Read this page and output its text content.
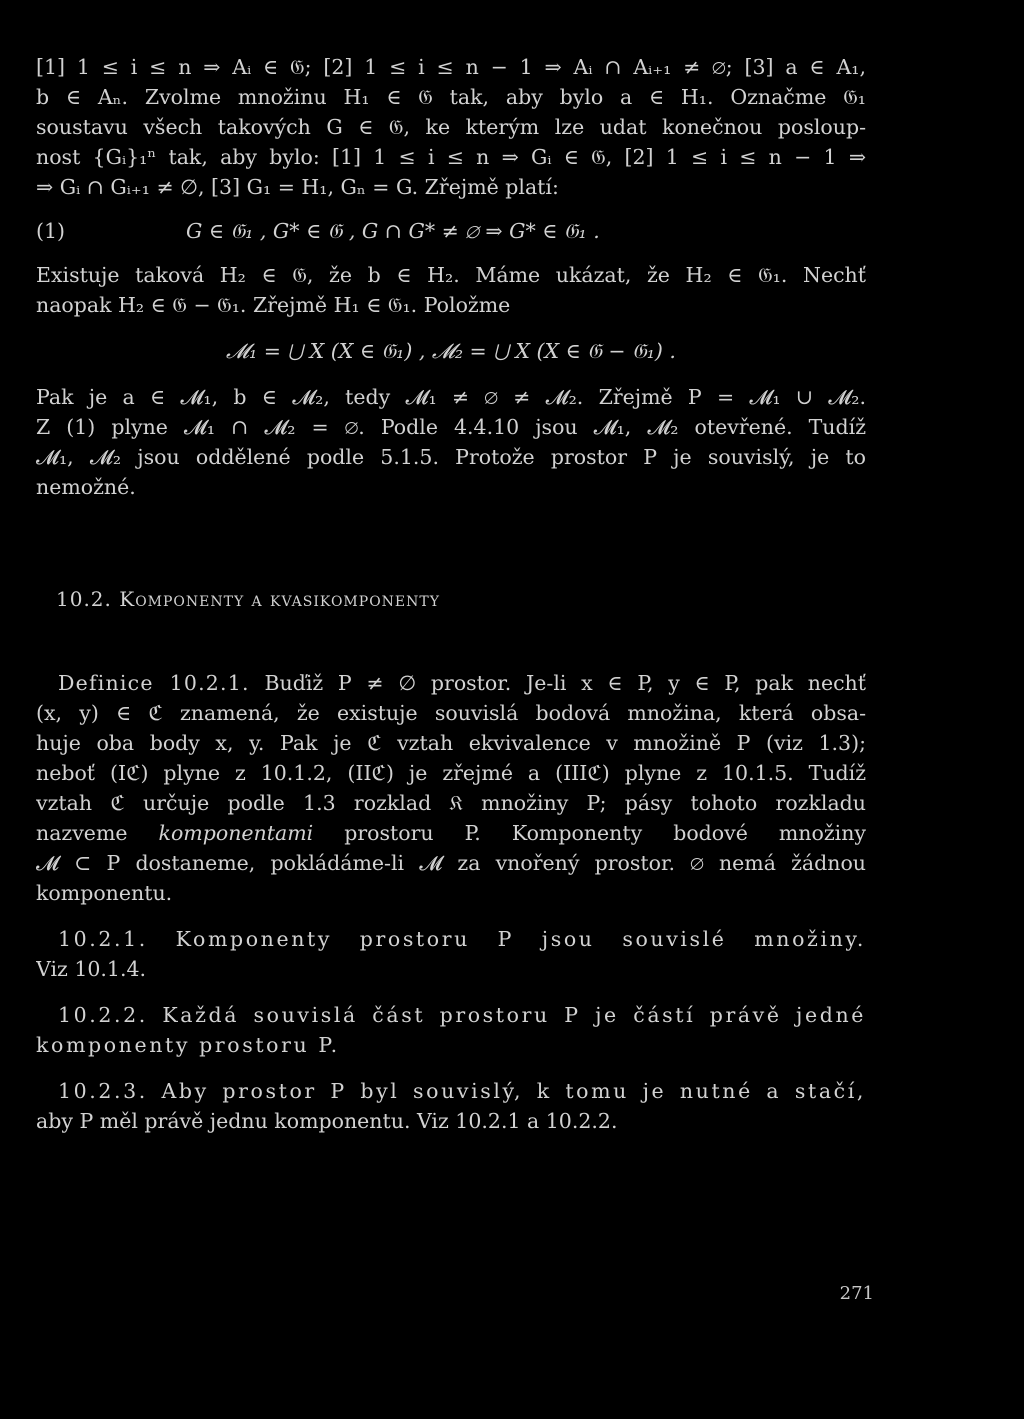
[1] 1 ≤ i ≤ n ⇒ Aᵢ ∈ 𝔊; [2] 1 ≤ i ≤ n − 1 ⇒ Aᵢ ∩ Aᵢ₊₁ ≠ ∅; [3] a ∈ A₁,
b ∈ Aₙ. Zvolme množinu H₁ ∈ 𝔊 tak, aby bylo a ∈ H₁. Označme 𝔊₁
soustavu všech takových G ∈ 𝔊, ke kterým lze udat konečnou posloup-
nost {Gᵢ}₁ⁿ tak, aby bylo: [1] 1 ≤ i ≤ n ⇒ Gᵢ ∈ 𝔊, [2] 1 ≤ i ≤ n − 1 ⇒
⇒ Gᵢ ∩ Gᵢ₊₁ ≠ ∅, [3] G₁ = H₁, Gₙ = G. Zřejmě platí:
(1)	G ∈ 𝔊₁ , G* ∈ 𝔊 , G ∩ G* ≠ ∅ ⇒ G* ∈ 𝔊₁ .
Existuje taková H₂ ∈ 𝔊, že b ∈ H₂. Máme ukázat, že H₂ ∈ 𝔊₁. Nechť
naopak H₂ ∈ 𝔊 − 𝔊₁. Zřejmě H₁ ∈ 𝔊₁. Položme
𝓜₁ = ⋃ X (X ∈ 𝔊₁) , 𝓜₂ = ⋃ X (X ∈ 𝔊 − 𝔊₁) .
Pak je a ∈ 𝓜₁, b ∈ 𝓜₂, tedy 𝓜₁ ≠ ∅ ≠ 𝓜₂. Zřejmě P = 𝓜₁ ∪ 𝓜₂.
Z (1) plyne 𝓜₁ ∩ 𝓜₂ = ∅. Podle 4.4.10 jsou 𝓜₁, 𝓜₂ otevřené. Tudíž
𝓜₁, 𝓜₂ jsou oddělené podle 5.1.5. Protože prostor P je souvislý, je to
nemožné.
10.2. Komponenty a kvasikomponenty
Definice 10.2.1. Buďiž P ≠ ∅ prostor. Je-li x ∈ P, y ∈ P, pak nechť
(x, y) ∈ ℭ znamená, že existuje souvislá bodová množina, která obsa-
huje oba body x, y. Pak je ℭ vztah ekvivalence v množině P (viz 1.3);
neboť (Iℭ) plyne z 10.1.2, (IIℭ) je zřejmé a (IIIℭ) plyne z 10.1.5. Tudíž
vztah ℭ určuje podle 1.3 rozklad 𝔎 množiny P; pásy tohoto rozkladu
nazveme komponentami prostoru P. Komponenty bodové množiny
𝓜 ⊂ P dostaneme, pokládáme-li 𝓜 za vnořený prostor. ∅ nemá žádnou
komponentu.
10.2.1. Komponenty prostoru P jsou souvislé množiny.
Viz 10.1.4.
10.2.2. Každá souvislá část prostoru P je částí právě jedné
komponenty prostoru P.
10.2.3. Aby prostor P byl souvislý, k tomu je nutné a stačí,
aby P měl právě jednu komponentu. Viz 10.2.1 a 10.2.2.
271
